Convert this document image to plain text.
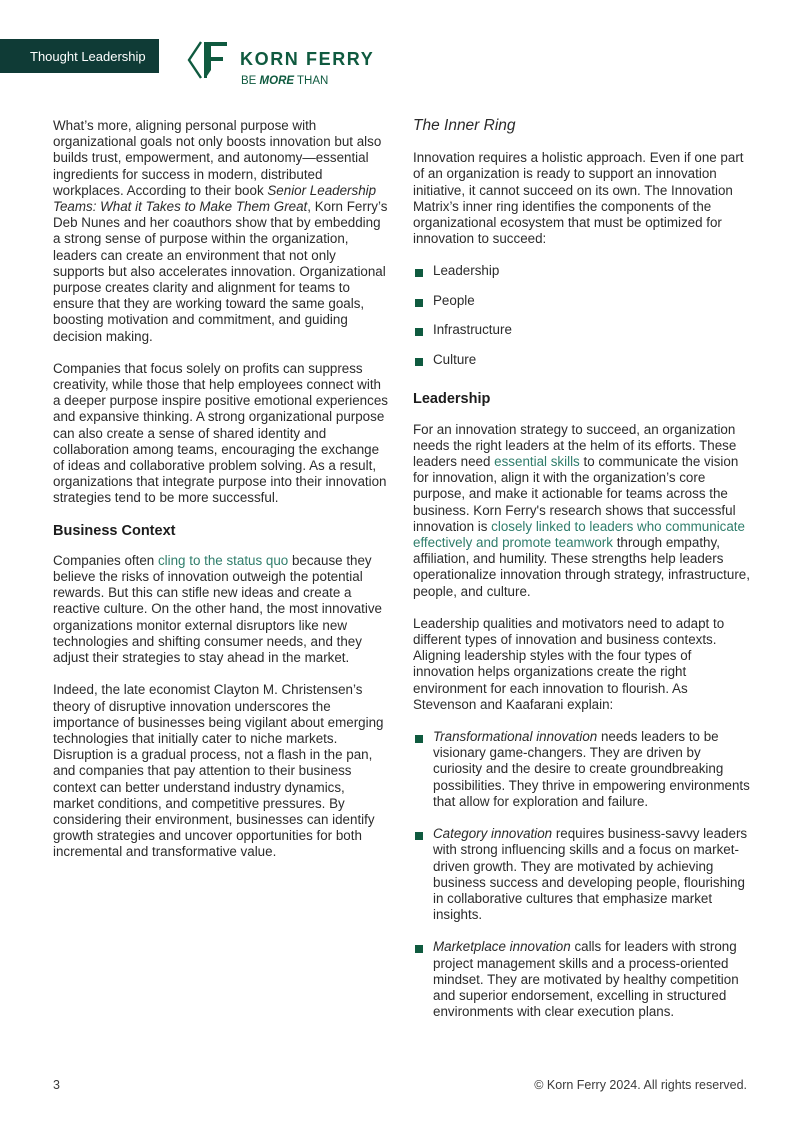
Thought Leadership	KORN FERRY
BE MORE THAN

What’s more, aligning personal purpose with organizational goals not only boosts innovation but also builds trust, empowerment, and autonomy—essential ingredients for success in modern, distributed workplaces. According to their book Senior Leadership Teams: What it Takes to Make Them Great, Korn Ferry’s Deb Nunes and her coauthors show that by embedding a strong sense of purpose within the organization, leaders can create an environment that not only supports but also accelerates innovation. Organizational purpose creates clarity and alignment for teams to ensure that they are working toward the same goals, boosting motivation and commitment, and guiding decision making.

Companies that focus solely on profits can suppress creativity, while those that help employees connect with a deeper purpose inspire positive emotional experiences and expansive thinking. A strong organizational purpose can also create a sense of shared identity and collaboration among teams, encouraging the exchange of ideas and collaborative problem solving. As a result, organizations that integrate purpose into their innovation strategies tend to be more successful.

Business Context

Companies often cling to the status quo because they believe the risks of innovation outweigh the potential rewards. But this can stifle new ideas and create a reactive culture. On the other hand, the most innovative organizations monitor external disruptors like new technologies and shifting consumer needs, and they adjust their strategies to stay ahead in the market.

Indeed, the late economist Clayton M. Christensen’s theory of disruptive innovation underscores the importance of businesses being vigilant about emerging technologies that initially cater to niche markets. Disruption is a gradual process, not a flash in the pan, and companies that pay attention to their business context can better understand industry dynamics, market conditions, and competitive pressures. By considering their environment, businesses can identify growth strategies and uncover opportunities for both incremental and transformative value.

The Inner Ring

Innovation requires a holistic approach. Even if one part of an organization is ready to support an innovation initiative, it cannot succeed on its own. The Innovation Matrix’s inner ring identifies the components of the organizational ecosystem that must be optimized for innovation to succeed:

Leadership
People
Infrastructure
Culture
Leadership

For an innovation strategy to succeed, an organization needs the right leaders at the helm of its efforts. These leaders need essential skills to communicate the vision for innovation, align it with the organization’s core purpose, and make it actionable for teams across the business. Korn Ferry's research shows that successful innovation is closely linked to leaders who communicate effectively and promote teamwork through empathy, affiliation, and humility. These strengths help leaders operationalize innovation through strategy, infrastructure, people, and culture.

Leadership qualities and motivators need to adapt to different types of innovation and business contexts. Aligning leadership styles with the four types of innovation helps organizations create the right environment for each innovation to flourish. As Stevenson and Kaafarani explain:

Transformational innovation needs leaders to be visionary game-changers. They are driven by curiosity and the desire to create groundbreaking possibilities. They thrive in empowering environments that allow for exploration and failure.
Category innovation requires business-savvy leaders with strong influencing skills and a focus on market-driven growth. They are motivated by achieving business success and developing people, flourishing in collaborative cultures that emphasize market insights.
Marketplace innovation calls for leaders with strong project management skills and a process-oriented mindset. They are motivated by healthy competition and superior endorsement, excelling in structured environments with clear execution plans.
3	© Korn Ferry 2024. All rights reserved.
